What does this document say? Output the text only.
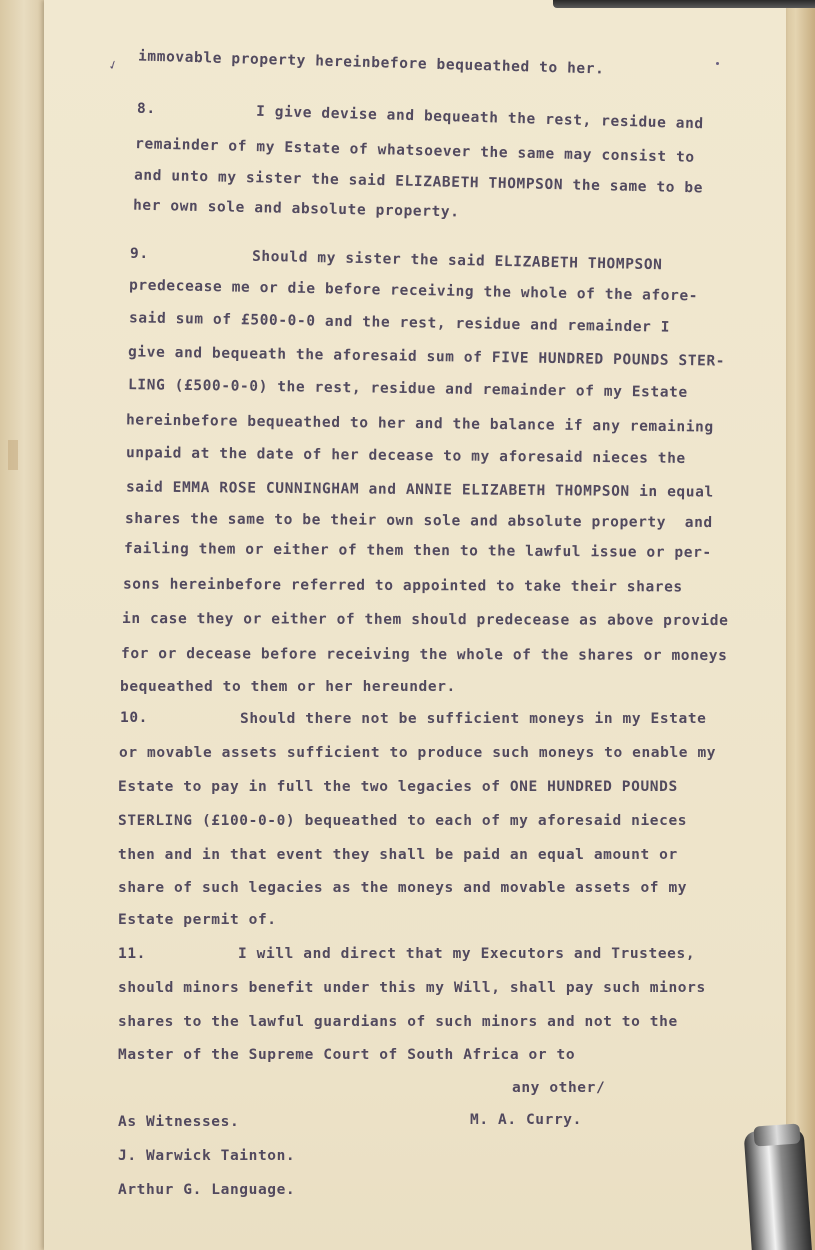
✓ immovable property hereinbefore bequeathed to her.
8.	I give devise and bequeath the rest, residue and
remainder of my Estate of whatsoever the same may consist to
and unto my sister the said ELIZABETH THOMPSON the same to be
her own sole and absolute property.
9.	Should my sister the said ELIZABETH THOMPSON
predecease me or die before receiving the whole of the afore-
said sum of £500-0-0 and the rest, residue and remainder I
give and bequeath the aforesaid sum of FIVE HUNDRED POUNDS STER-
LING (£500-0-0) the rest, residue and remainder of my Estate
hereinbefore bequeathed to her and the balance if any remaining
unpaid at the date of her decease to my aforesaid nieces the
said EMMA ROSE CUNNINGHAM and ANNIE ELIZABETH THOMPSON in equal
shares the same to be their own sole and absolute property  and
failing them or either of them then to the lawful issue or per-
sons hereinbefore referred to appointed to take their shares
in case they or either of them should predecease as above provide
for or decease before receiving the whole of the shares or moneys
bequeathed to them or her hereunder.
10.	Should there not be sufficient moneys in my Estate
or movable assets sufficient to produce such moneys to enable my
Estate to pay in full the two legacies of ONE HUNDRED POUNDS
STERLING (£100-0-0) bequeathed to each of my aforesaid nieces
then and in that event they shall be paid an equal amount or
share of such legacies as the moneys and movable assets of my
Estate permit of.
11.	I will and direct that my Executors and Trustees,
should minors benefit under this my Will, shall pay such minors
shares to the lawful guardians of such minors and not to the
Master of the Supreme Court of South Africa or to
any other/
As Witnesses.	M. A. Curry.
J. Warwick Tainton.
Arthur G. Language.
